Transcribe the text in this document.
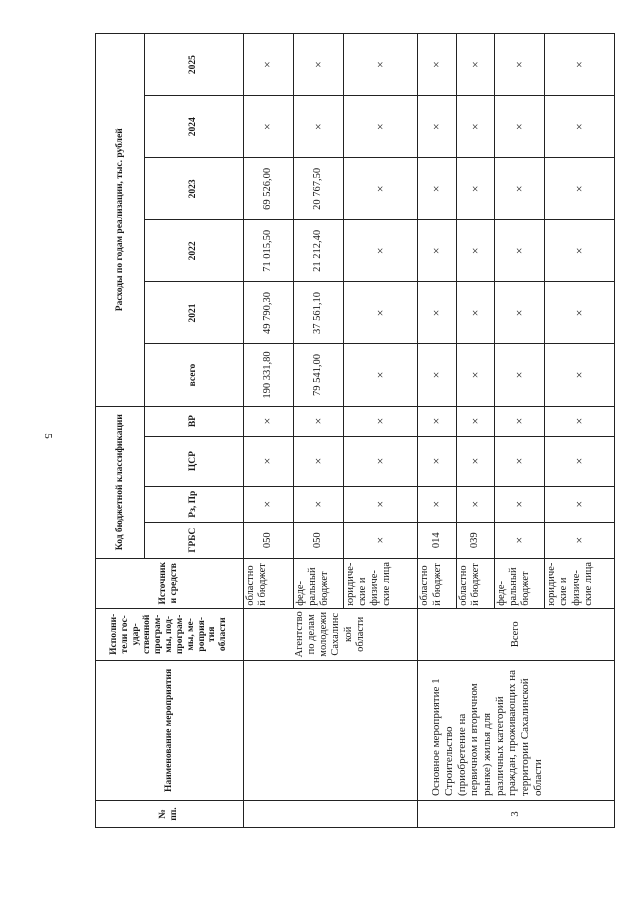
5
№ пп.	Наименование мероприятия	Исполни-тели гос-удар-ственной програм-мы, под-програм-мы, ме-роприя-тия области	Источники средств	Код бюджетной классификации				Расходы по годам реализации, тыс. рублей					
				ГРБС	Рз, Пр	ЦСР	ВР	всего	2021	2022	2023	2024	2025
		Агентство по делам молодежи Сахалинской области	областной бюджет	050	×	×	×	190 331,80	49 790,30	71 015,50	69 526,00	×	×
			феде-ральный бюджет	050	×	×	×	79 541,00	37 561,10	21 212,40	20 767,50	×	×
			юридиче-ские и физиче-ские лица	×	×	×	×	×	×	×	×	×	×
3	Основное мероприятие 1 Строительство (приобретение на первичном и вторичном рынке) жилья для различных категорий граждан, проживающих на территории Сахалинской области	Всего	областной бюджет	014	×	×	×	×	×	×	×	×	×
			областной бюджет	039	×	×	×	×	×	×	×	×	×
			феде-ральный бюджет	×	×	×	×	×	×	×	×	×	×
			юридиче-ские и физиче-ские лица	×	×	×	×	×	×	×	×	×	×
